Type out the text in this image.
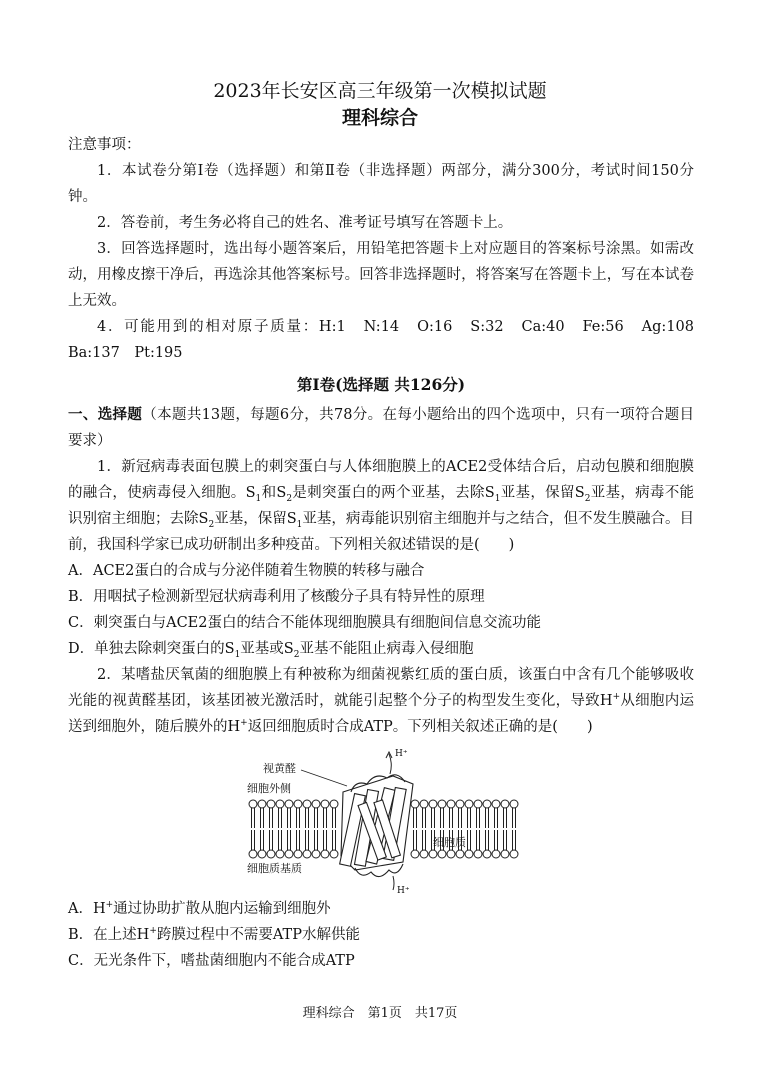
2023年长安区高三年级第一次模拟试题
理科综合

注意事项：

1．本试卷分第Ⅰ卷（选择题）和第Ⅱ卷（非选择题）两部分，满分300分，考试时间150分钟。

2．答卷前，考生务必将自己的姓名、准考证号填写在答题卡上。

3．回答选择题时，选出每小题答案后，用铅笔把答题卡上对应题目的答案标号涂黑。如需改动，用橡皮擦干净后，再选涂其他答案标号。回答非选择题时，将答案写在答题卡上，写在本试卷上无效。

4．可能用到的相对原子质量：H:1　N:14　O:16　S:32　Ca:40　Fe:56　Ag:108　Ba:137　Pt:195

第Ⅰ卷(选择题 共126分)

一、选择题（本题共13题，每题6分，共78分。在每小题给出的四个选项中，只有一项符合题目要求）

1．新冠病毒表面包膜上的刺突蛋白与人体细胞膜上的ACE2受体结合后，启动包膜和细胞膜的融合，使病毒侵入细胞。$S_1$和$S_2$是刺突蛋白的两个亚基，去除$S_1$亚基，保留$S_2$亚基，病毒不能识别宿主细胞；去除$S_2$亚基，保留$S_1$亚基，病毒能识别宿主细胞并与之结合，但不发生膜融合。目前，我国科学家已成功研制出多种疫苗。下列相关叙述错误的是(　　)

A．ACE2蛋白的合成与分泌伴随着生物膜的转移与融合

B．用咽拭子检测新型冠状病毒利用了核酸分子具有特异性的原理

C．刺突蛋白与ACE2蛋白的结合不能体现细胞膜具有细胞间信息交流功能

D．单独去除刺突蛋白的$S_1$亚基或$S_2$亚基不能阻止病毒入侵细胞

2．某嗜盐厌氧菌的细胞膜上有种被称为细菌视紫红质的蛋白质，该蛋白中含有几个能够吸收光能的视黄醛基团，该基团被光激活时，就能引起整个分子的构型发生变化，导致H+从细胞内运送到细胞外，随后膜外的H+返回细胞质时合成ATP。下列相关叙述正确的是(　　)

H⁺
H⁺
视黄醛
细胞外侧
细胞质
细胞质基质

A．H+通过协助扩散从胞内运输到细胞外

B．在上述H+跨膜过程中不需要ATP水解供能

C．无光条件下，嗜盐菌细胞内不能合成ATP

理科综合　第1页　共17页
